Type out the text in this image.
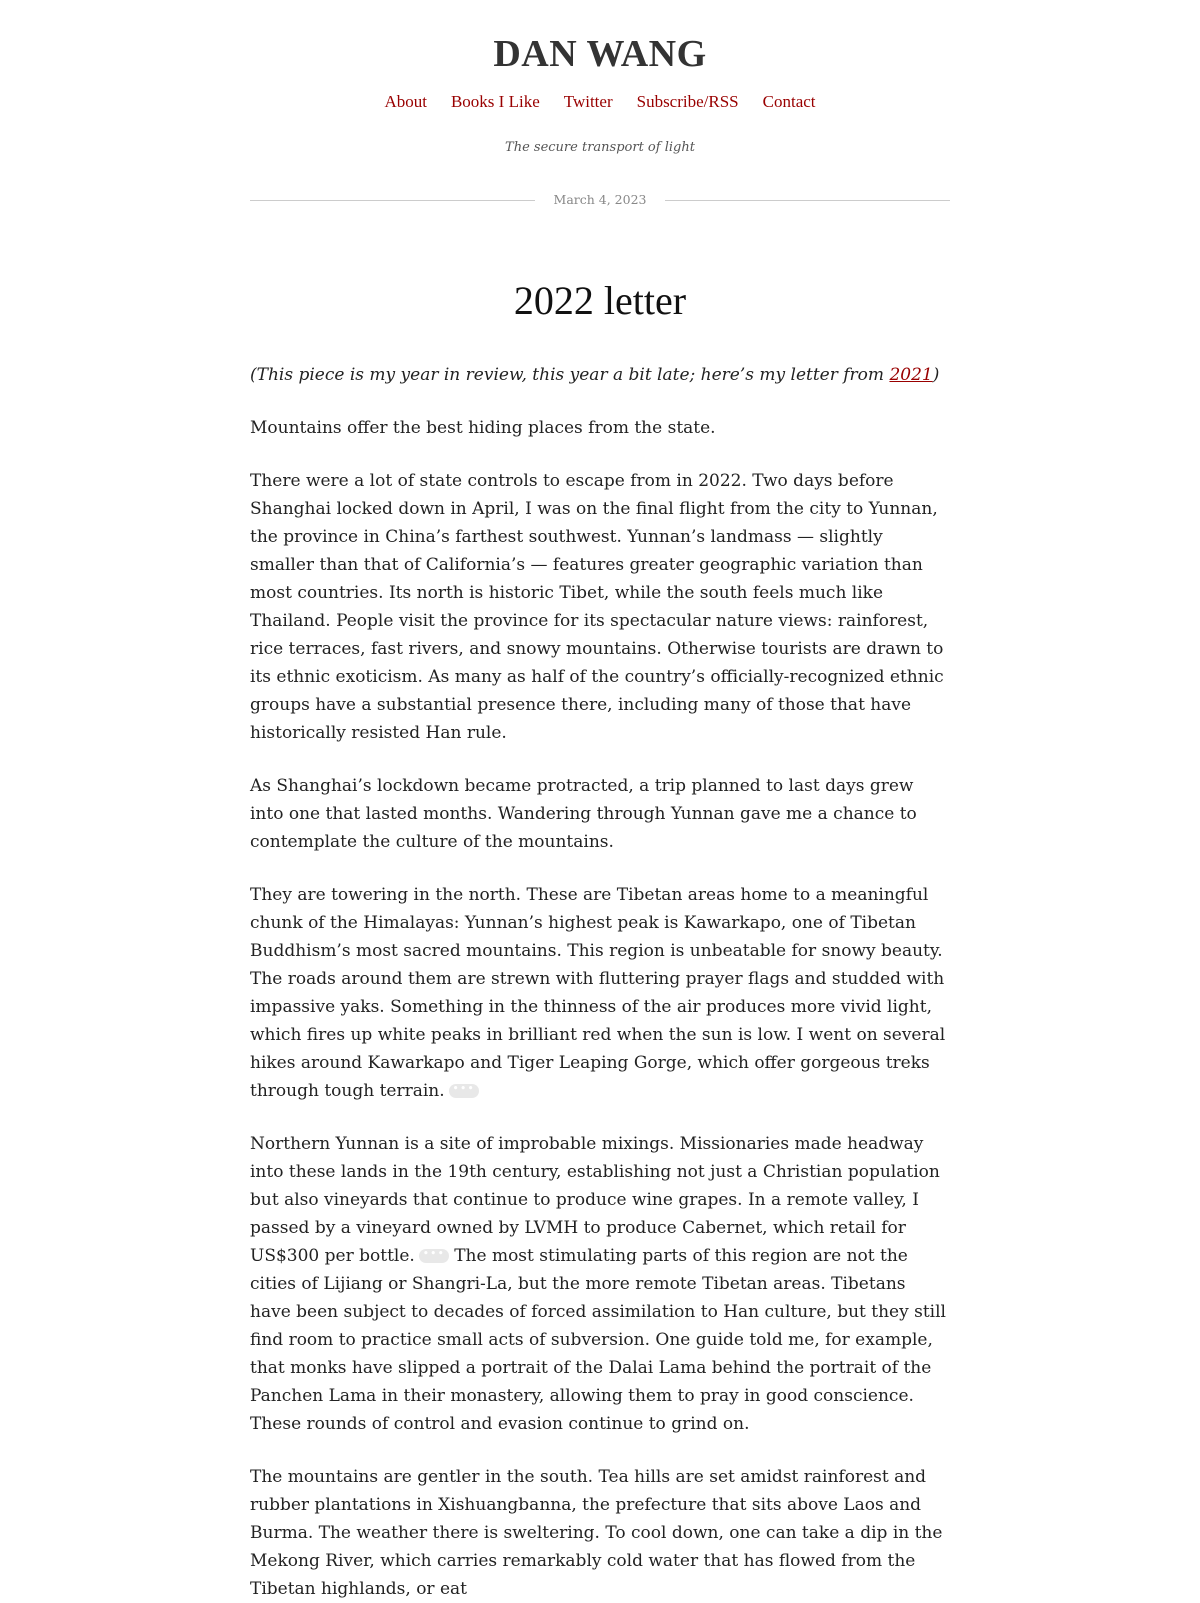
DAN WANG
About Books I Like Twitter Subscribe/RSS Contact
The secure transport of light
March 4, 2023
2022 letter

(This piece is my year in review, this year a bit late; here’s my letter from 2021)

Mountains offer the best hiding places from the state.

There were a lot of state controls to escape from in 2022. Two days before Shanghai locked down in April, I was on the final flight from the city to Yunnan, the province in China’s farthest southwest. Yunnan’s landmass — slightly smaller than that of California’s — features greater geographic variation than most countries. Its north is historic Tibet, while the south feels much like Thailand. People visit the province for its spectacular nature views: rainforest, rice terraces, fast rivers, and snowy mountains. Otherwise tourists are drawn to its ethnic exoticism. As many as half of the country’s officially-recognized ethnic groups have a substantial presence there, including many of those that have historically resisted Han rule.

As Shanghai’s lockdown became protracted, a trip planned to last days grew into one that lasted months. Wandering through Yunnan gave me a chance to contemplate the culture of the mountains.

They are towering in the north. These are Tibetan areas home to a meaningful chunk of the Himalayas: Yunnan’s highest peak is Kawarkapo, one of Tibetan Buddhism’s most sacred mountains. This region is unbeatable for snowy beauty. The roads around them are strewn with fluttering prayer flags and studded with impassive yaks. Something in the thinness of the air produces more vivid light, which fires up white peaks in brilliant red when the sun is low. I went on several hikes around Kawarkapo and Tiger Leaping Gorge, which offer gorgeous treks through tough terrain. •••

Northern Yunnan is a site of improbable mixings. Missionaries made headway into these lands in the 19th century, establishing not just a Christian population but also vineyards that continue to produce wine grapes. In a remote valley, I passed by a vineyard owned by LVMH to produce Cabernet, which retail for US$300 per bottle. ••• The most stimulating parts of this region are not the cities of Lijiang or Shangri-La, but the more remote Tibetan areas. Tibetans have been subject to decades of forced assimilation to Han culture, but they still find room to practice small acts of subversion. One guide told me, for example, that monks have slipped a portrait of the Dalai Lama behind the portrait of the Panchen Lama in their monastery, allowing them to pray in good conscience. These rounds of control and evasion continue to grind on.

The mountains are gentler in the south. Tea hills are set amidst rainforest and rubber plantations in Xishuangbanna, the prefecture that sits above Laos and Burma. The weather there is sweltering. To cool down, one can take a dip in the Mekong River, which carries remarkably cold water that has flowed from the Tibetan highlands, or eat
